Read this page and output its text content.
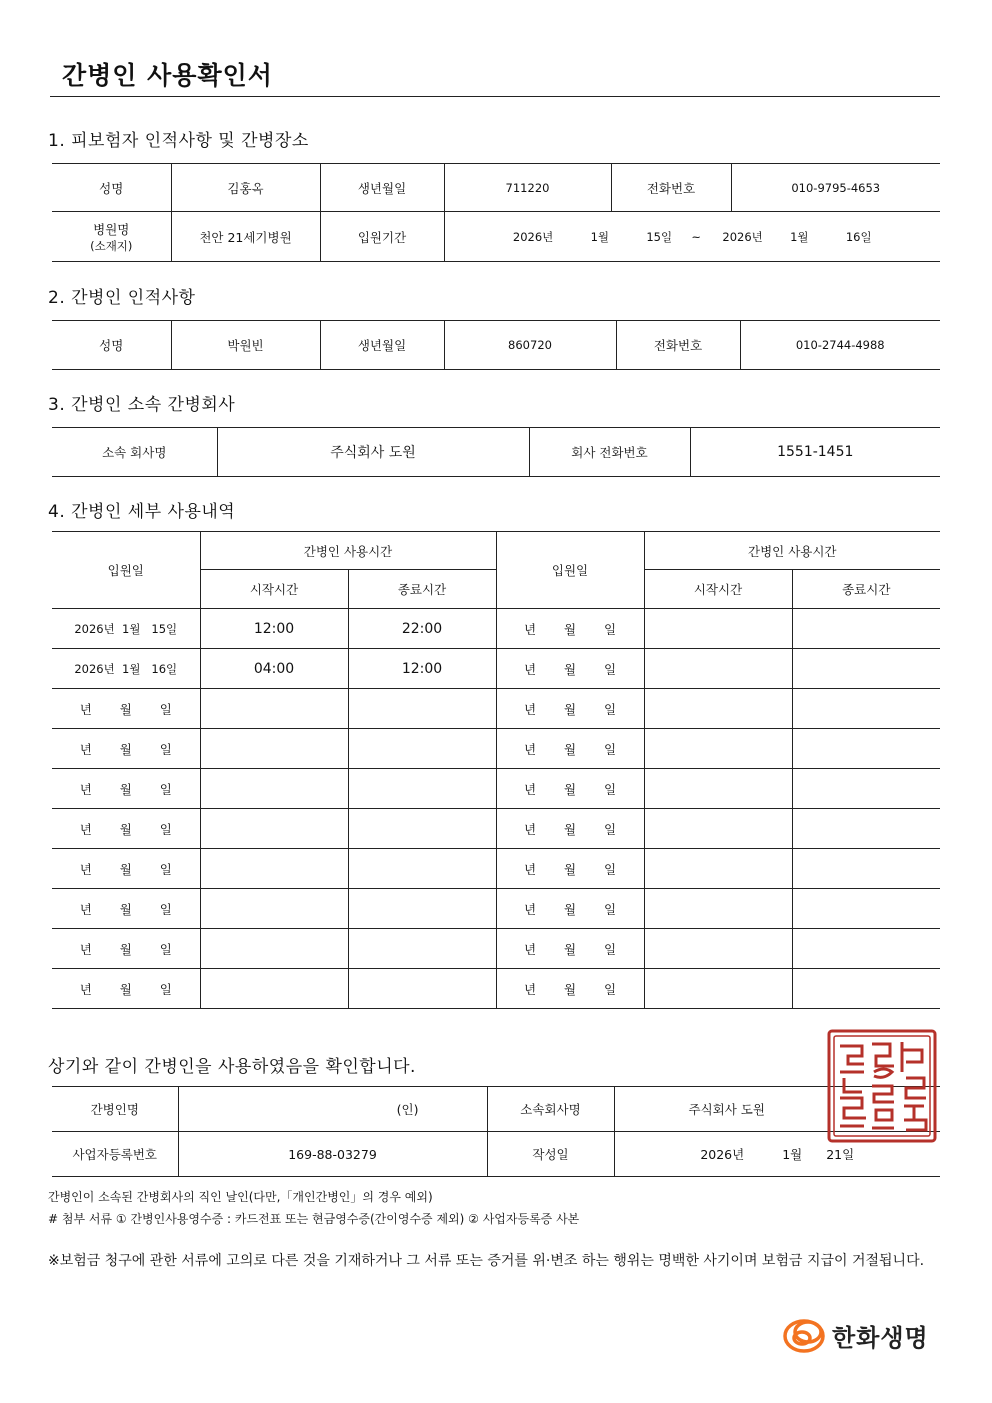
간병인 사용확인서
1. 피보험자 인적사항 및 간병장소
성명	김홍옥	생년월일	711220	전화번호	010-9795-4653

병원명
(소재지)	천안 21세기병원	입원기간	2026년 1월 15일 ~ 2026년 1월 16일		
2. 간병인 인적사항
성명	박원빈	생년월일	860720	전화번호	010-2744-4988
3. 간병인 소속 간병회사
소속 회사명	주식회사 도원	회사 전화번호	1551-1451
4. 간병인 세부 사용내역
입원일	간병인 사용시간		입원일	간병인 사용시간	
	시작시간	종료시간		시작시간	종료시간
2026년  1월   15일	12:00	22:00	년 월 일		
2026년  1월   16일	04:00	12:00	년 월 일		
년 월 일			년 월 일		
년 월 일			년 월 일		
년 월 일			년 월 일		
년 월 일			년 월 일		
년 월 일			년 월 일		
년 월 일			년 월 일		
년 월 일			년 월 일		
년 월 일			년 월 일		
상기와 같이 간병인을 사용하였음을 확인합니다.
간병인명	(인)	소속회사명	주식회사 도원
사업자등록번호	169-88-03279	작성일	2026년 1월 21일
간병인이 소속된 간병회사의 직인 날인(다만,「개인간병인」의 경우 예외)
# 첨부 서류 ① 간병인사용영수증 : 카드전표 또는 현금영수증(간이영수증 제외) ② 사업자등록증 사본
※보험금 청구에 관한 서류에 고의로 다른 것을 기재하거나 그 서류 또는 증거를 위·변조 하는 행위는 명백한 사기이며 보험금 지급이 거절됩니다.
한화생명
